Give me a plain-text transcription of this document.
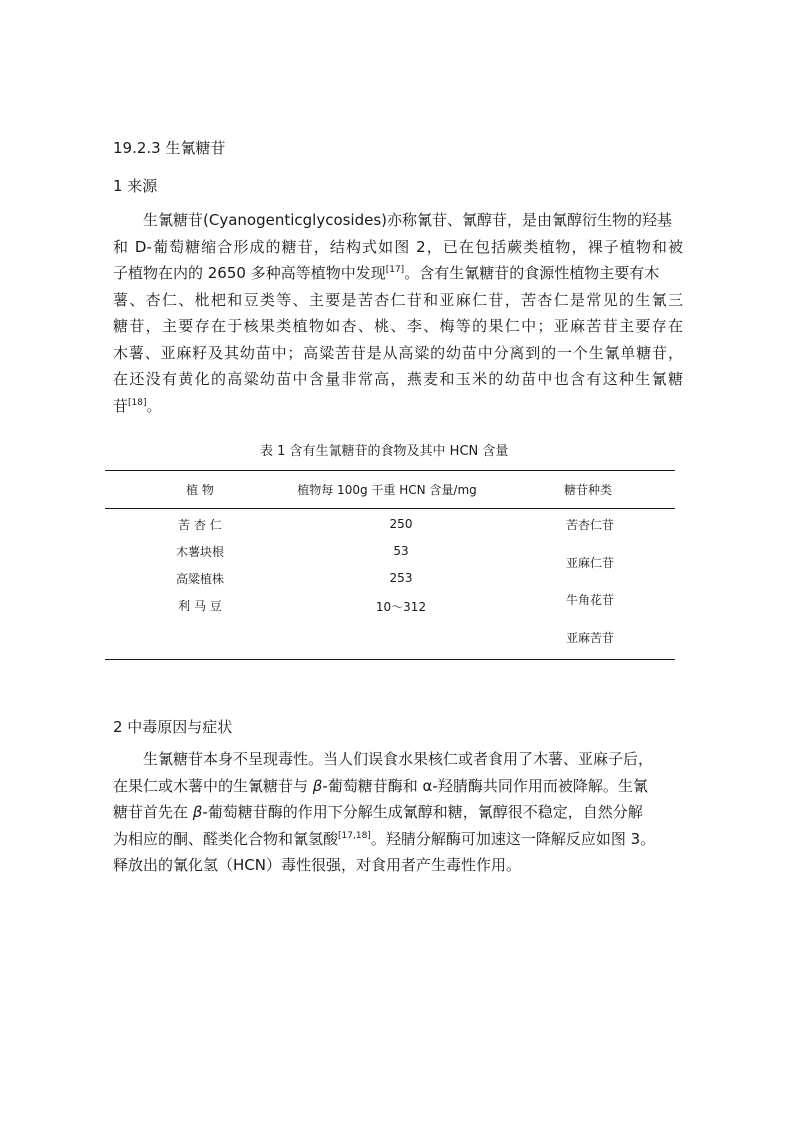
19.2.3 生氰糖苷
1 来源
生氰糖苷(Cyanogenticglycosides)亦称氰苷、氰醇苷，是由氰醇衍生物的羟基
和 D-葡萄糖缩合形成的糖苷，结构式如图 2，已在包括蕨类植物，裸子植物和被
子植物在内的 2650 多种高等植物中发现[17]。含有生氰糖苷的食源性植物主要有木
薯、杏仁、枇杷和豆类等、主要是苦杏仁苷和亚麻仁苷，苦杏仁是常见的生氰三
糖苷，主要存在于核果类植物如杏、桃、李、梅等的果仁中；亚麻苦苷主要存在
木薯、亚麻籽及其幼苗中；高粱苦苷是从高粱的幼苗中分离到的一个生氰单糖苷，
在还没有黄化的高粱幼苗中含量非常高，燕麦和玉米的幼苗中也含有这种生氰糖
苷[18]。
表 1 含有生氰糖苷的食物及其中 HCN 含量
植 物	植物每 100g 干重 HCN 含量/mg	糖苷种类
苦 杏 仁
木薯块根
高粱植株
利 马 豆
250
53
253
10～312
苦杏仁苷
亚麻仁苷
牛角花苷
亚麻苦苷
2 中毒原因与症状
生氰糖苷本身不呈现毒性。当人们误食水果核仁或者食用了木薯、亚麻子后，
在果仁或木薯中的生氰糖苷与 β-葡萄糖苷酶和 α-羟腈酶共同作用而被降解。生氰
糖苷首先在 β-葡萄糖苷酶的作用下分解生成氰醇和糖，氰醇很不稳定，自然分解
为相应的酮、醛类化合物和氰氢酸[17,18]。羟腈分解酶可加速这一降解反应如图 3。
释放出的氰化氢（HCN）毒性很强，对食用者产生毒性作用。
